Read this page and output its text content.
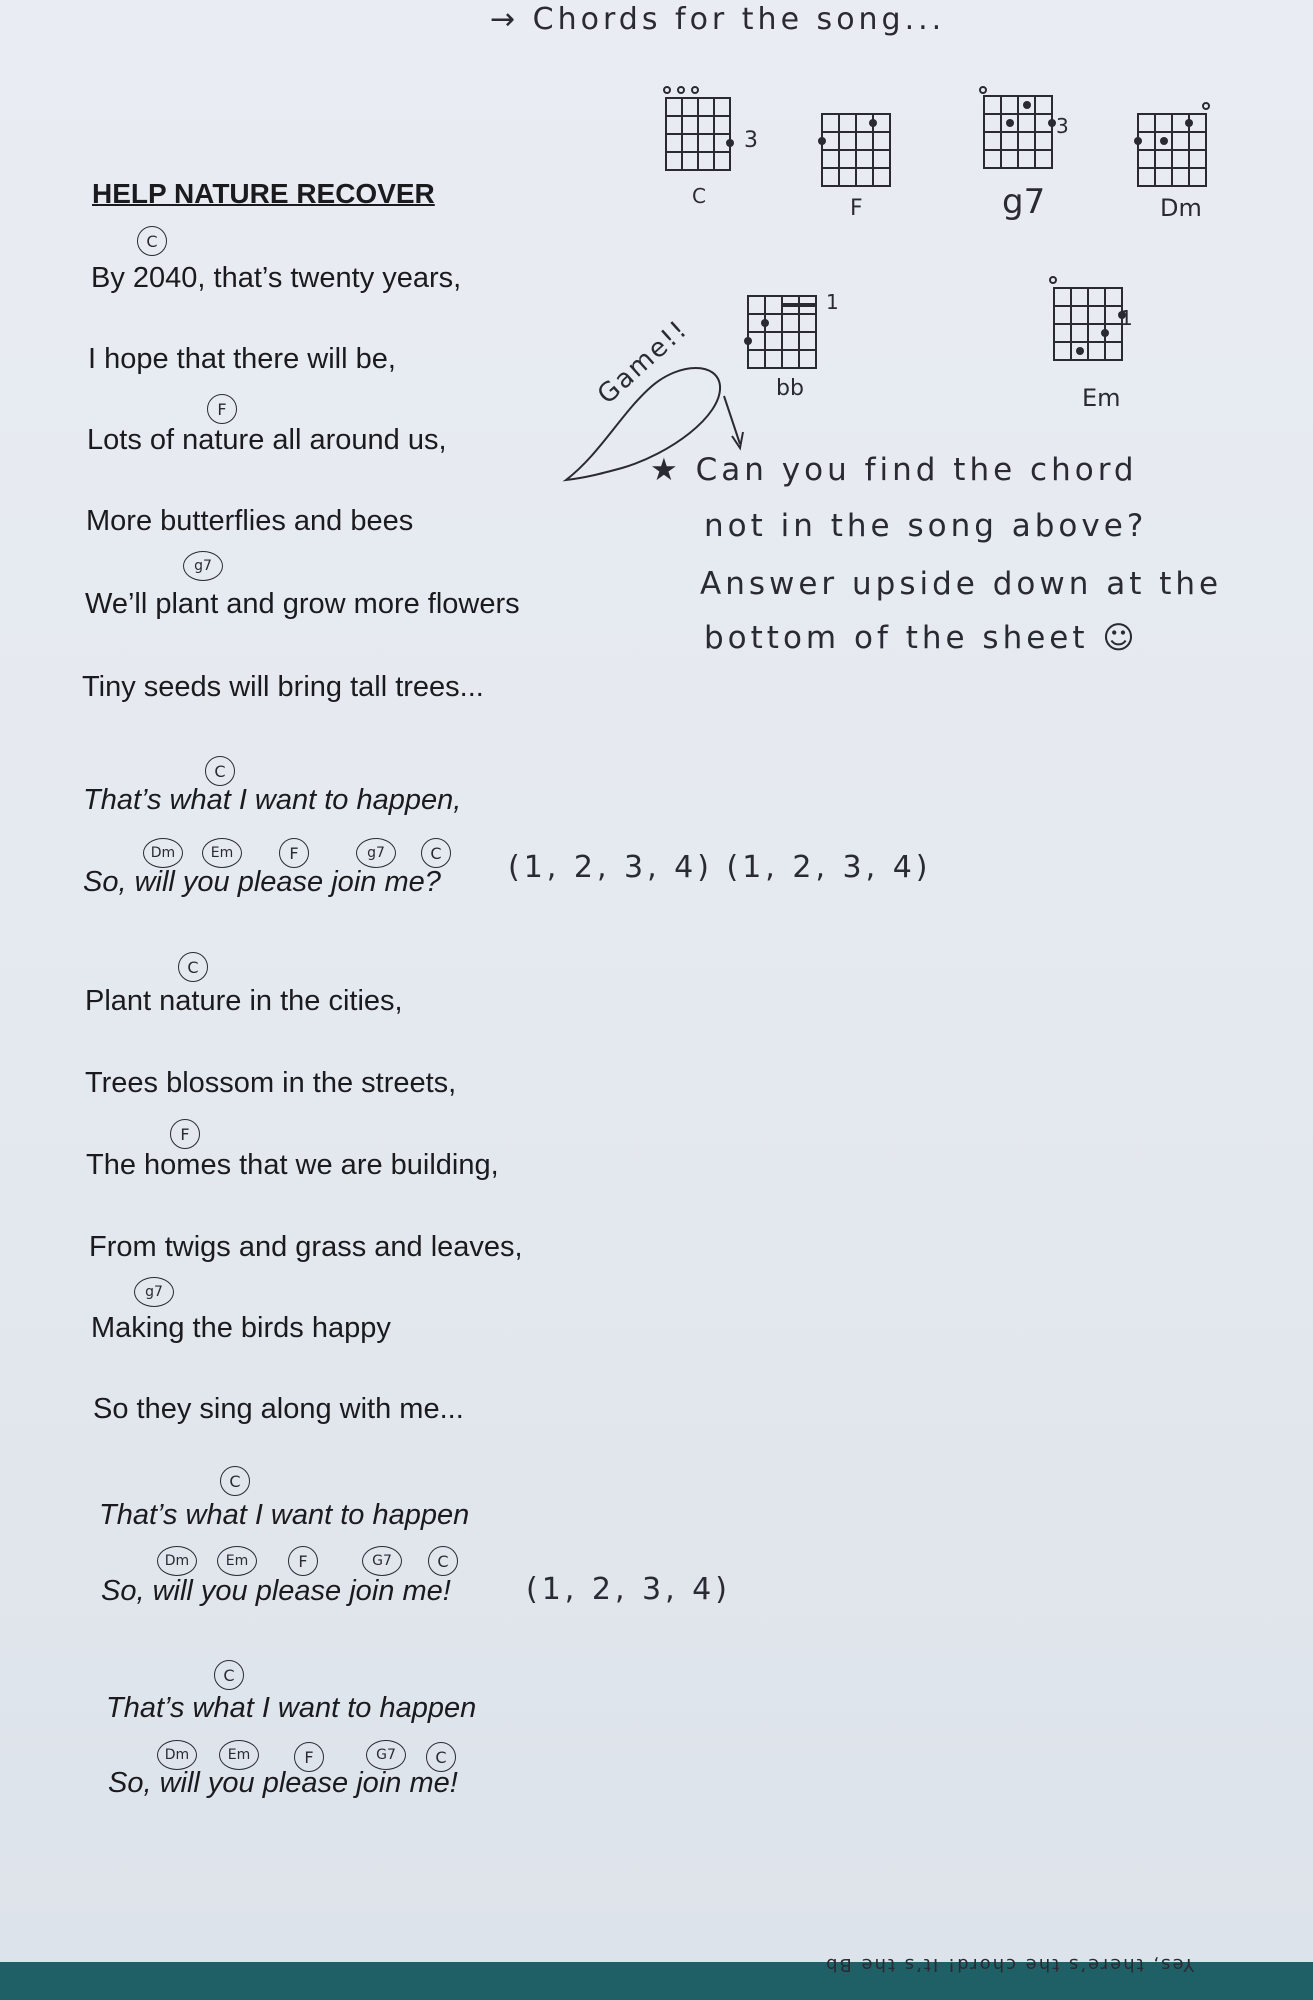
→ Chords for the song...
HELP NATURE RECOVER
C
By 2040, that’s twenty years,
I hope that there will be,
F
Lots of nature all around us,
More butterflies and bees
g7
We’ll plant and grow more flowers
Tiny seeds will bring tall trees...
C
That’s what I want to happen,
Dm	Em	F	g7	C
So, will you please join me? (1, 2, 3, 4) (1, 2, 3, 4)
C
Plant nature in the cities,
Trees blossom in the streets,
F
The homes that we are building,
From twigs and grass and leaves,
g7
Making the birds happy
So they sing along with me...
C
That’s what I want to happen
Dm	Em	F	G7	C
So, will you please join me!	(1, 2, 3, 4)
C
That’s what I want to happen
Dm	Em	F	G7	C
So, will you please join me!
3
C	F
3
g7	Dm
1
bb
1
Em
Game!!
★ Can you find the chord
not in the song above?
Answer upside down at the
bottom of the sheet ☺
Yes, there’s the chord! It’s the Bb
